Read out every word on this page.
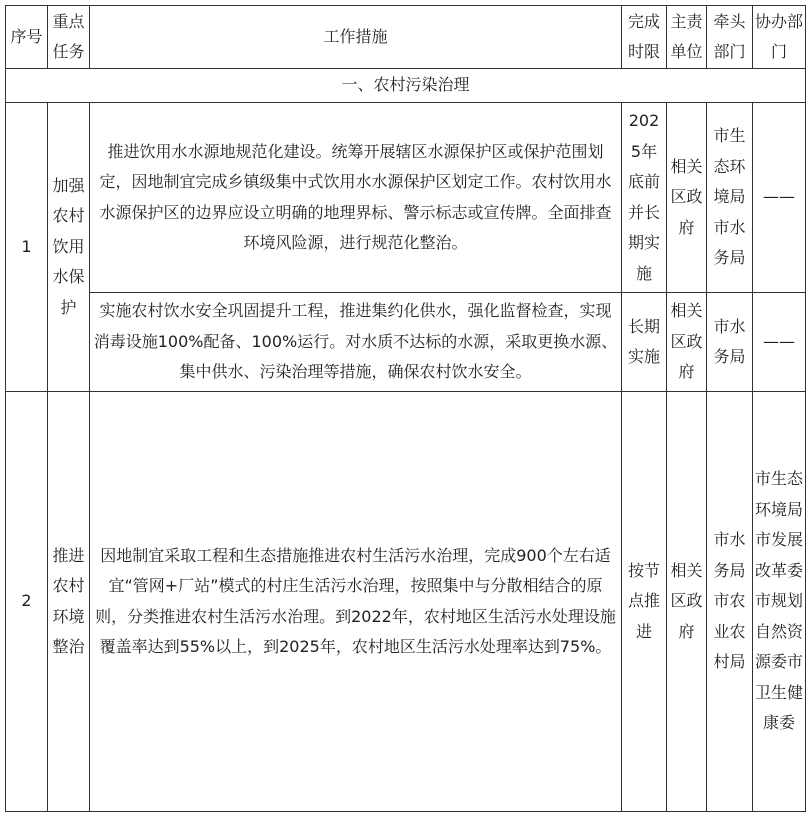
序号	重点任务	工作措施	完成时限	主责单位	牵头部门	协办部门
一、农村污染治理						
1	加强农村饮用水保护	推进饮用水水源地规范化建设。统筹开展辖区水源保护区或保护范围划定，因地制宜完成乡镇级集中式饮用水水源保护区划定工作。农村饮用水水源保护区的边界应设立明确的地理界标、警示标志或宣传牌。全面排查环境风险源，进行规范化整治。	2025年底前并长期实施	相关区政府	市生态环境局市水务局	——
		实施农村饮水安全巩固提升工程，推进集约化供水，强化监督检查，实现消毒设施100%配备、100%运行。对水质不达标的水源，采取更换水源、集中供水、污染治理等措施，确保农村饮水安全。	长期实施	相关区政府	市水务局	——
2	推进农村环境整治	因地制宜采取工程和生态措施推进农村生活污水治理，完成900个左右适宜“管网+厂站”模式的村庄生活污水治理，按照集中与分散相结合的原则，分类推进农村生活污水治理。到2022年，农村地区生活污水处理设施覆盖率达到55%以上，到2025年，农村地区生活污水处理率达到75%。	按节点推进	相关区政府	市水务局市农业农村局	市生态环境局市发展改革委市规划自然资源委市卫生健康委
